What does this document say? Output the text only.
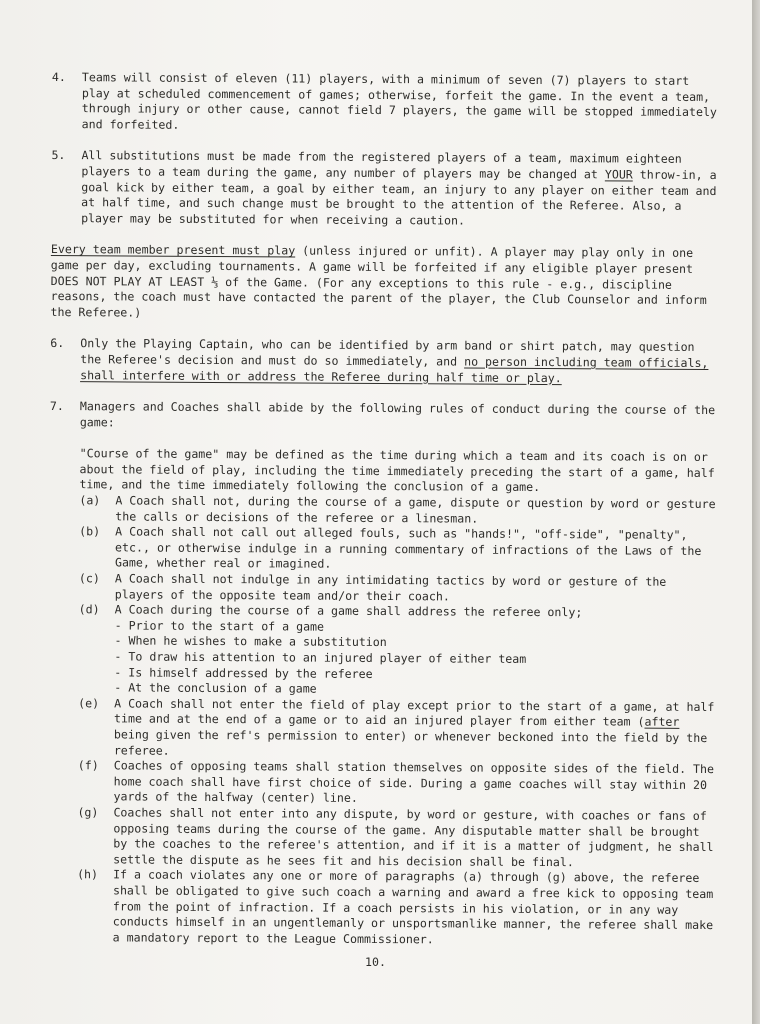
4. Teams will consist of eleven (11) players, with a minimum of seven (7) players to start play at scheduled commencement of games; otherwise, forfeit the game. In the event a team, through injury or other cause, cannot field 7 players, the game will be stopped immediately and forfeited.

5. All substitutions must be made from the registered players of a team, maximum eighteen players to a team during the game, any number of players may be changed at YOUR throw-in, a goal kick by either team, a goal by either team, an injury to any player on either team and at half time, and such change must be brought to the attention of the Referee. Also, a player may be substituted for when receiving a caution.

Every team member present must play (unless injured or unfit). A player may play only in one game per day, excluding tournaments. A game will be forfeited if any eligible player present DOES NOT PLAY AT LEAST ⅓ of the Game. (For any exceptions to this rule - e.g., discipline reasons, the coach must have contacted the parent of the player, the Club Counselor and inform the Referee.)

6. Only the Playing Captain, who can be identified by arm band or shirt patch, may question the Referee's decision and must do so immediately, and no person including team officials, shall interfere with or address the Referee during half time or play.

7. Managers and Coaches shall abide by the following rules of conduct during the course of the game:

"Course of the game" may be defined as the time during which a team and its coach is on or about the field of play, including the time immediately preceding the start of a game, half time, and the time immediately following the conclusion of a game.

(a) A Coach shall not, during the course of a game, dispute or question by word or gesture the calls or decisions of the referee or a linesman.
(b) A Coach shall not call out alleged fouls, such as "hands!", "off-side", "penalty", etc., or otherwise indulge in a running commentary of infractions of the Laws of the Game, whether real or imagined.
(c) A Coach shall not indulge in any intimidating tactics by word or gesture of the players of the opposite team and/or their coach.
(d) A Coach during the course of a game shall address the referee only;
- Prior to the start of a game
- When he wishes to make a substitution
- To draw his attention to an injured player of either team
- Is himself addressed by the referee
- At the conclusion of a game
(e) A Coach shall not enter the field of play except prior to the start of a game, at half time and at the end of a game or to aid an injured player from either team (after being given the ref's permission to enter) or whenever beckoned into the field by the referee.
(f) Coaches of opposing teams shall station themselves on opposite sides of the field. The home coach shall have first choice of side. During a game coaches will stay within 20 yards of the halfway (center) line.
(g) Coaches shall not enter into any dispute, by word or gesture, with coaches or fans of opposing teams during the course of the game. Any disputable matter shall be brought by the coaches to the referee's attention, and if it is a matter of judgment, he shall settle the dispute as he sees fit and his decision shall be final.
(h) If a coach violates any one or more of paragraphs (a) through (g) above, the referee shall be obligated to give such coach a warning and award a free kick to opposing team from the point of infraction. If a coach persists in his violation, or in any way conducts himself in an ungentlemanly or unsportsmanlike manner, the referee shall make a mandatory report to the League Commissioner.
10.
